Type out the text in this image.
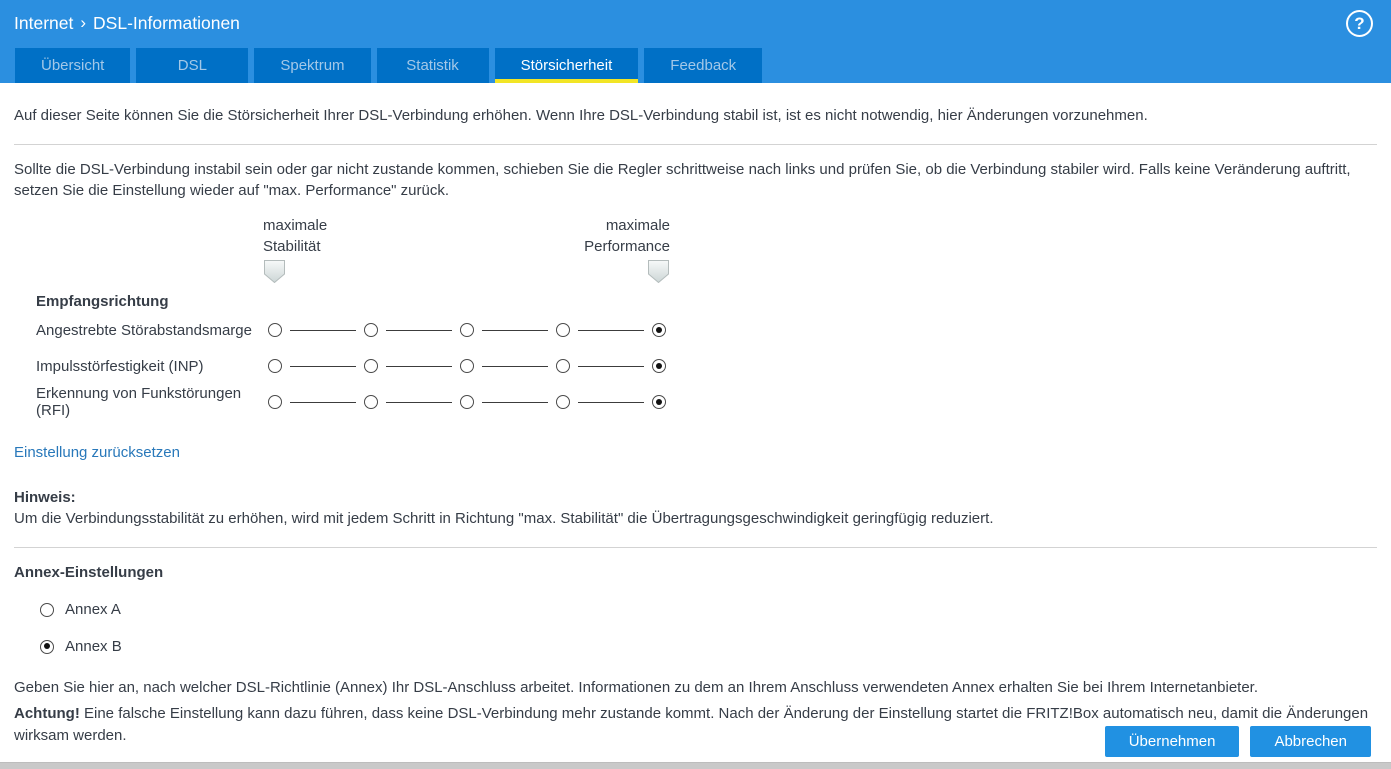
Internet › DSL-Informationen	?
Übersicht	DSL	Spektrum	Statistik	Störsicherheit	Feedback

Auf dieser Seite können Sie die Störsicherheit Ihrer DSL-Verbindung erhöhen. Wenn Ihre DSL-Verbindung stabil ist, ist es nicht notwendig, hier Änderungen vorzunehmen.

Sollte die DSL-Verbindung instabil sein oder gar nicht zustande kommen, schieben Sie die Regler schrittweise nach links und prüfen Sie, ob die Verbindung stabiler wird. Falls keine Veränderung auftritt, setzen Sie die Einstellung wieder auf "max. Performance" zurück.

maximale Stabilität
maximale Performance

Empfangsrichtung

Angestrebte Störabstandsmarge
Impulsstörfestigkeit (INP)
Erkennung von Funkstörungen (RFI)
Einstellung zurücksetzen

Hinweis:

Um die Verbindungsstabilität zu erhöhen, wird mit jedem Schritt in Richtung "max. Stabilität" die Übertragungsgeschwindigkeit geringfügig reduziert.

Annex-Einstellungen

Annex A
Annex B

Geben Sie hier an, nach welcher DSL-Richtlinie (Annex) Ihr DSL-Anschluss arbeitet. Informationen zu dem an Ihrem Anschluss verwendeten Annex erhalten Sie bei Ihrem Internetanbieter.

Achtung! Eine falsche Einstellung kann dazu führen, dass keine DSL-Verbindung mehr zustande kommt. Nach der Änderung der Einstellung startet die FRITZ!Box automatisch neu, damit die Änderungen wirksam werden.	Übernehmen	Abbrechen
